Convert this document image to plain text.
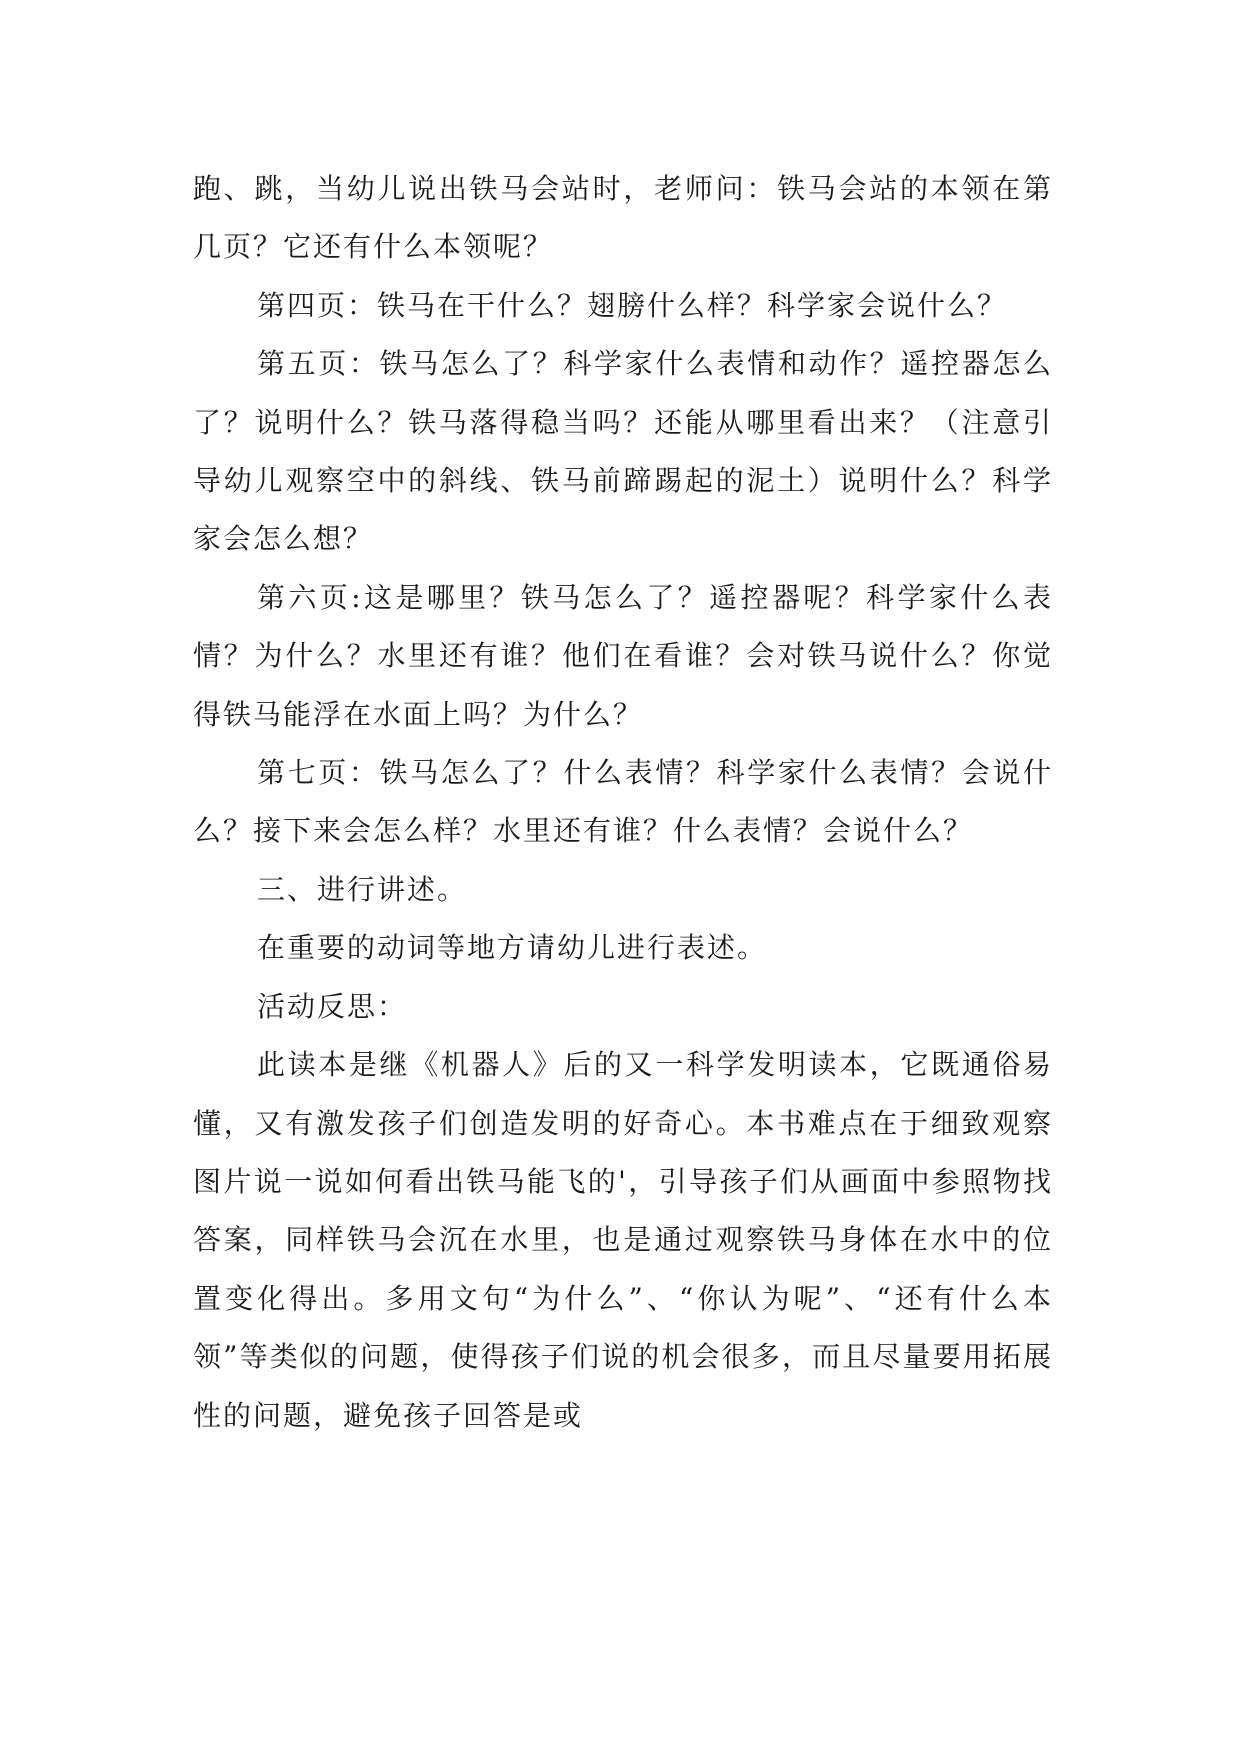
跑、跳，当幼儿说出铁马会站时，老师问：铁马会站的本领在第几页？它还有什么本领呢？

第四页：铁马在干什么？翅膀什么样？科学家会说什么？

第五页：铁马怎么了？科学家什么表情和动作？遥控器怎么了？说明什么？铁马落得稳当吗？还能从哪里看出来？（注意引导幼儿观察空中的斜线、铁马前蹄踢起的泥土）说明什么？科学家会怎么想？

第六页:这是哪里？铁马怎么了？遥控器呢？科学家什么表情？为什么？水里还有谁？他们在看谁？会对铁马说什么？你觉得铁马能浮在水面上吗？为什么？

第七页：铁马怎么了？什么表情？科学家什么表情？会说什么？接下来会怎么样？水里还有谁？什么表情？会说什么？

三、进行讲述。

在重要的动词等地方请幼儿进行表述。

活动反思：

此读本是继《机器人》后的又一科学发明读本，它既通俗易懂，又有激发孩子们创造发明的好奇心。本书难点在于细致观察图片说一说如何看出铁马能飞的'，引导孩子们从画面中参照物找答案，同样铁马会沉在水里，也是通过观察铁马身体在水中的位置变化得出。多用文句“为什么”、“你认为呢”、“还有什么本领”等类似的问题，使得孩子们说的机会很多，而且尽量要用拓展性的问题，避免孩子回答是或
